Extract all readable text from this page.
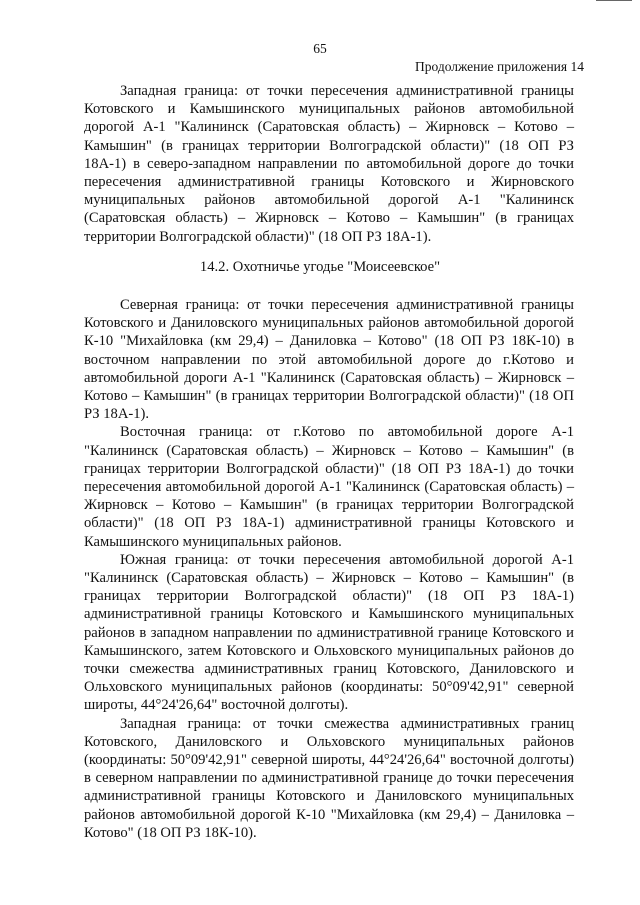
65
Продолжение приложения 14

Западная граница: от точки пересечения административной границы Котовского и Камышинского муниципальных районов автомобильной дорогой А-1 "Калининск (Саратовская область) – Жирновск – Котово – Камышин" (в границах территории Волгоградской области)" (18 ОП РЗ 18А-1) в северо-западном направлении по автомобильной дороге до точки пересечения административной границы Котовского и Жирновского муниципальных районов автомобильной дорогой А-1 "Калининск (Саратовская область) – Жирновск – Котово – Камышин" (в границах территории Волгоградской области)" (18 ОП РЗ 18А-1).

14.2. Охотничье угодье "Моисеевское"

Северная граница: от точки пересечения административной границы Котовского и Даниловского муниципальных районов автомобильной дорогой К-10 "Михайловка (км 29,4) – Даниловка – Котово" (18 ОП РЗ 18К-10) в восточном направлении по этой автомобильной дороге до г.Котово и автомобильной дороги А-1 "Калининск (Саратовская область) – Жирновск – Котово – Камышин" (в границах территории Волгоградской области)" (18 ОП РЗ 18А-1).

Восточная граница: от г.Котово по автомобильной дороге А-1 "Калининск (Саратовская область) – Жирновск – Котово – Камышин" (в границах территории Волгоградской области)" (18 ОП РЗ 18А-1) до точки пересечения автомобильной дорогой А-1 "Калининск (Саратовская область) – Жирновск – Котово – Камышин" (в границах территории Волгоградской области)" (18 ОП РЗ 18А-1) административной границы Котовского и Камышинского муниципальных районов.

Южная граница: от точки пересечения автомобильной дорогой А-1 "Калининск (Саратовская область) – Жирновск – Котово – Камышин" (в границах территории Волгоградской области)" (18 ОП РЗ 18А-1) административной границы Котовского и Камышинского муниципальных районов в западном направлении по административной границе Котовского и Камышинского, затем Котовского и Ольховского муниципальных районов до точки смежества административных границ Котовского, Даниловского и Ольховского муниципальных районов (координаты: 50°09'42,91" северной широты, 44°24'26,64" восточной долготы).

Западная граница: от точки смежества административных границ Котовского, Даниловского и Ольховского муниципальных районов (координаты: 50°09'42,91" северной широты, 44°24'26,64" восточной долготы) в северном направлении по административной границе до точки пересечения административной границы Котовского и Даниловского муниципальных районов автомобильной дорогой К-10 "Михайловка (км 29,4) – Даниловка – Котово" (18 ОП РЗ 18К-10).
